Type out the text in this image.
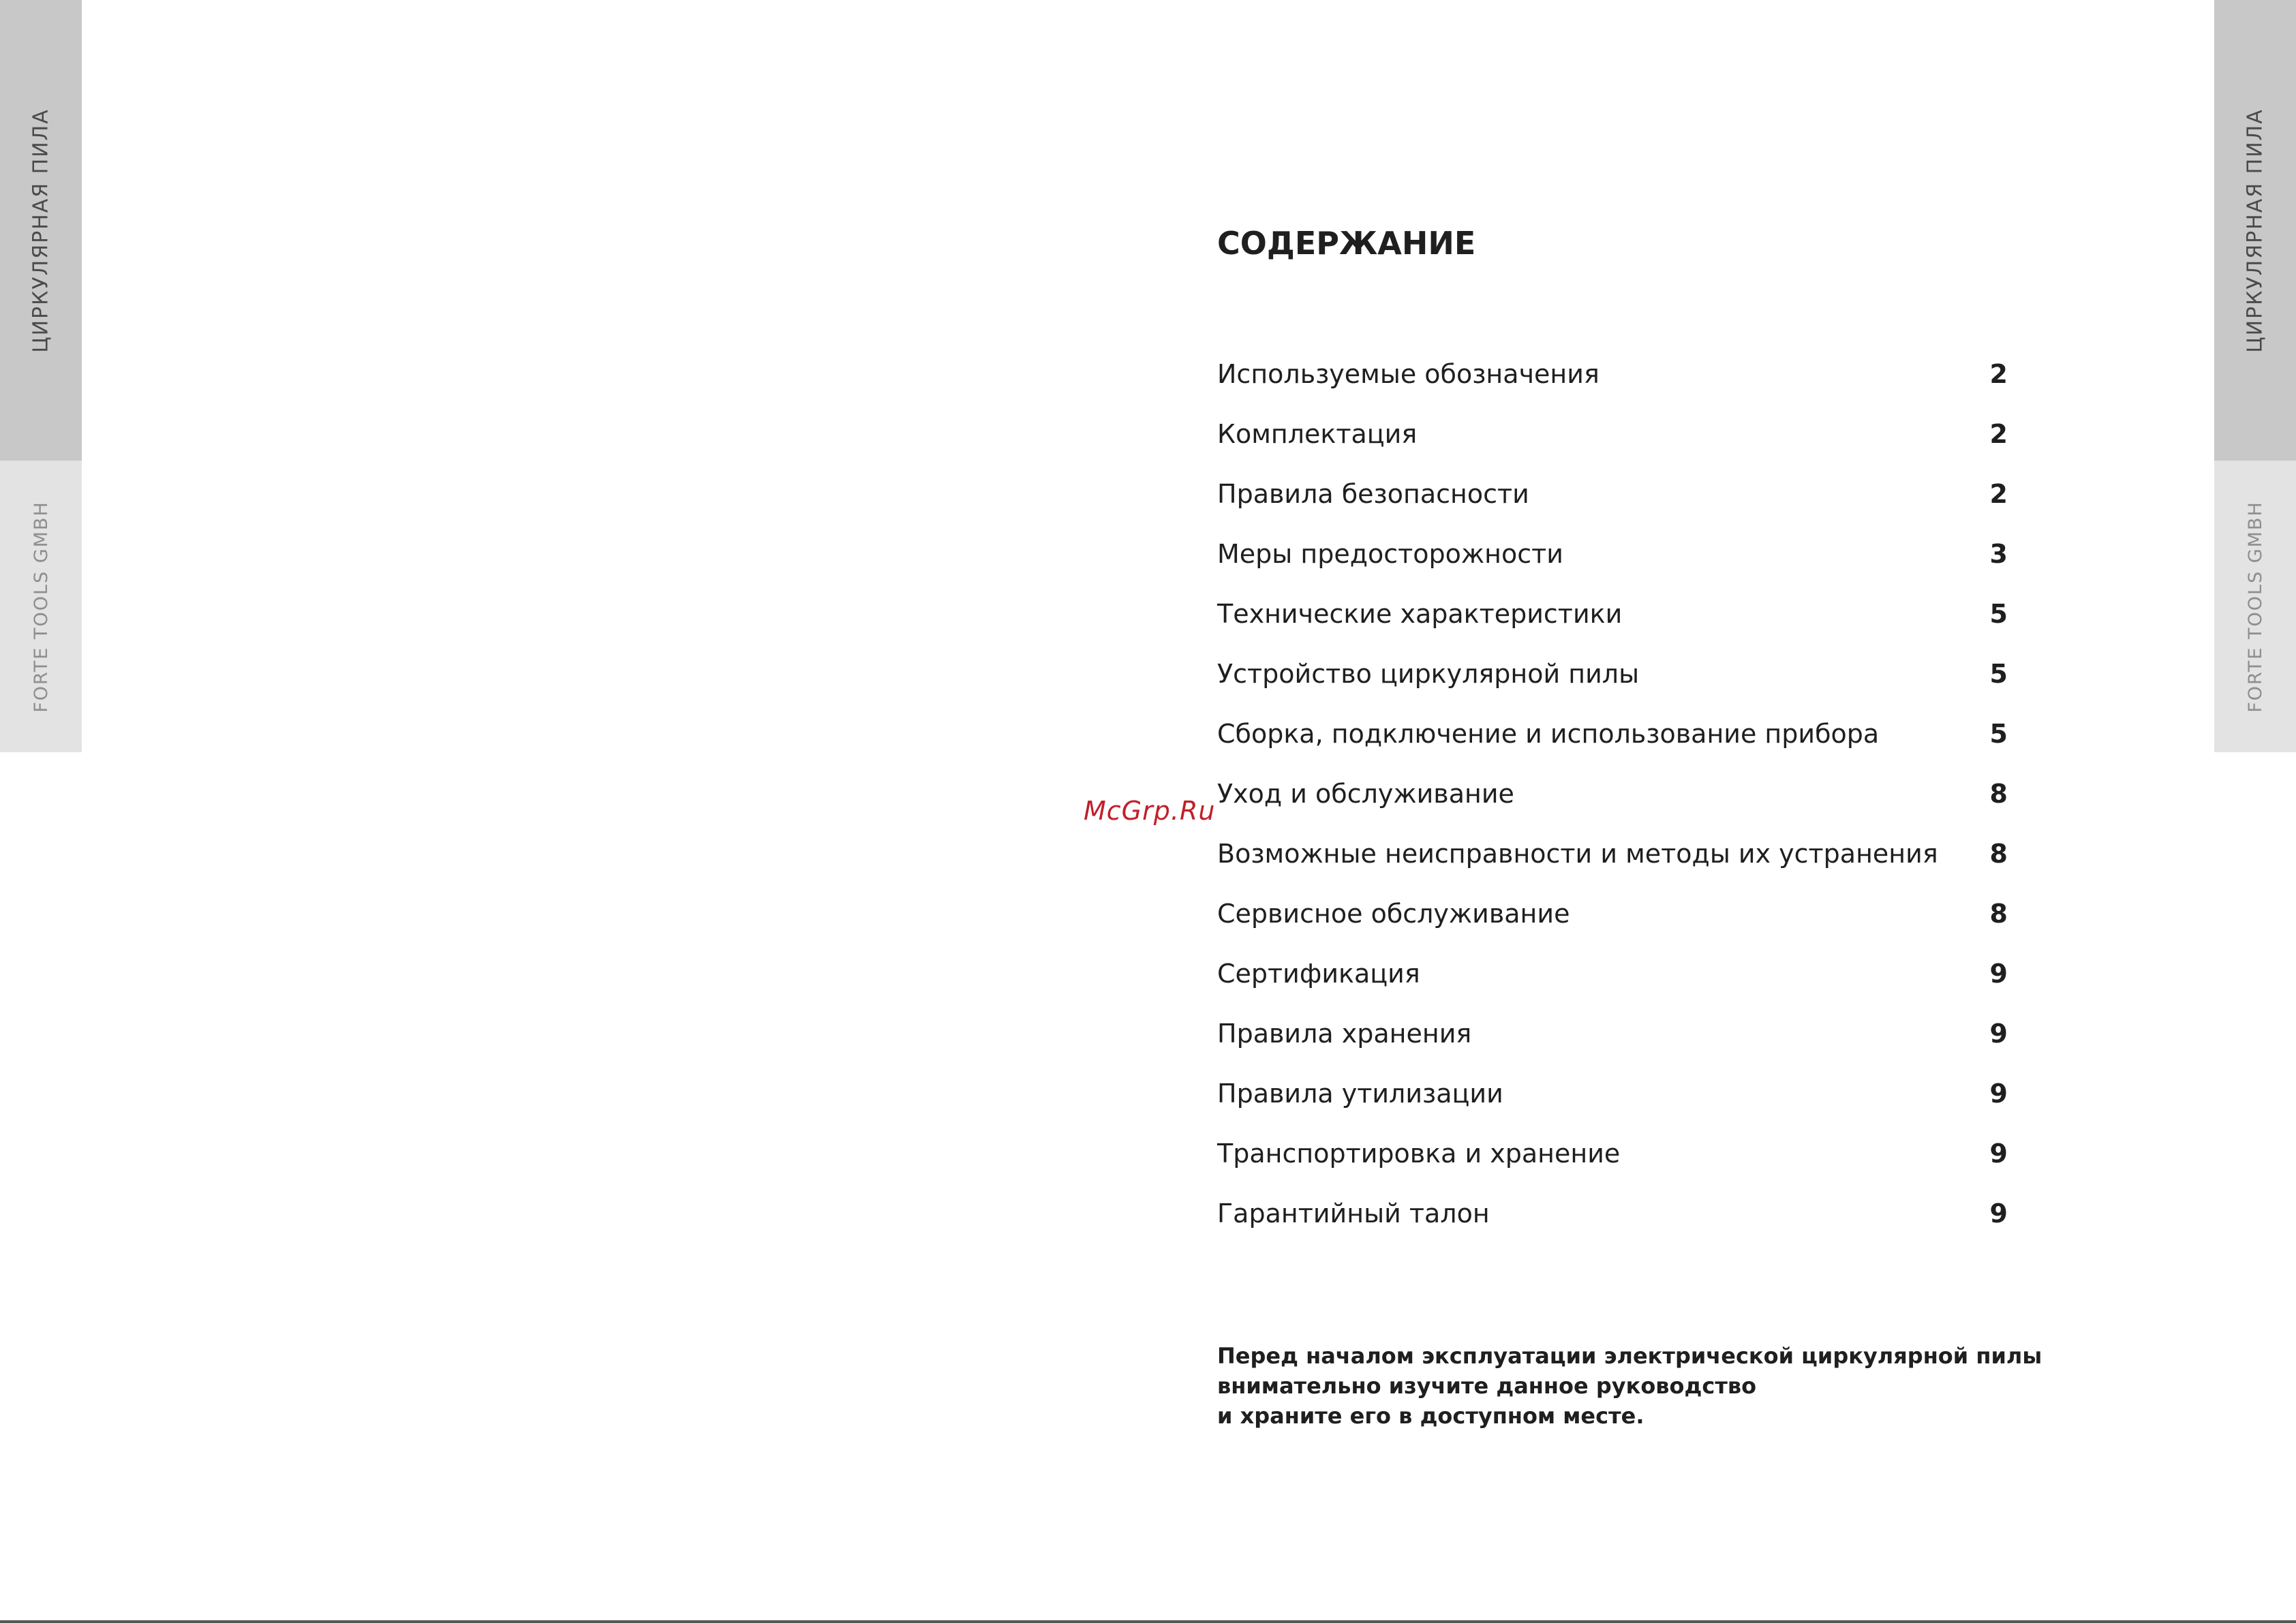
ЦИРКУЛЯРНАЯ ПИЛА
FORTE TOOLS GMBH
ЦИРКУЛЯРНАЯ ПИЛА
FORTE TOOLS GMBH
СОДЕРЖАНИЕ
Используемые обозначения	2
Комплектация	2
Правила безопасности	2
Меры предосторожности	3
Технические характеристики	5
Устройство циркулярной пилы	5
Сборка, подключение и использование прибора	5
Уход и обслуживание	8
Возможные неисправности и методы их устранения 8
Сервисное обслуживание	8
Сертификация	9
Правила хранения	9
Правила утилизации	9
Транспортировка и хранение	9
Гарантийный талон	9
McGrp.Ru

Перед началом эксплуатации электрической циркулярной пилы
внимательно изучите данное руководство
и храните его в доступном месте.
